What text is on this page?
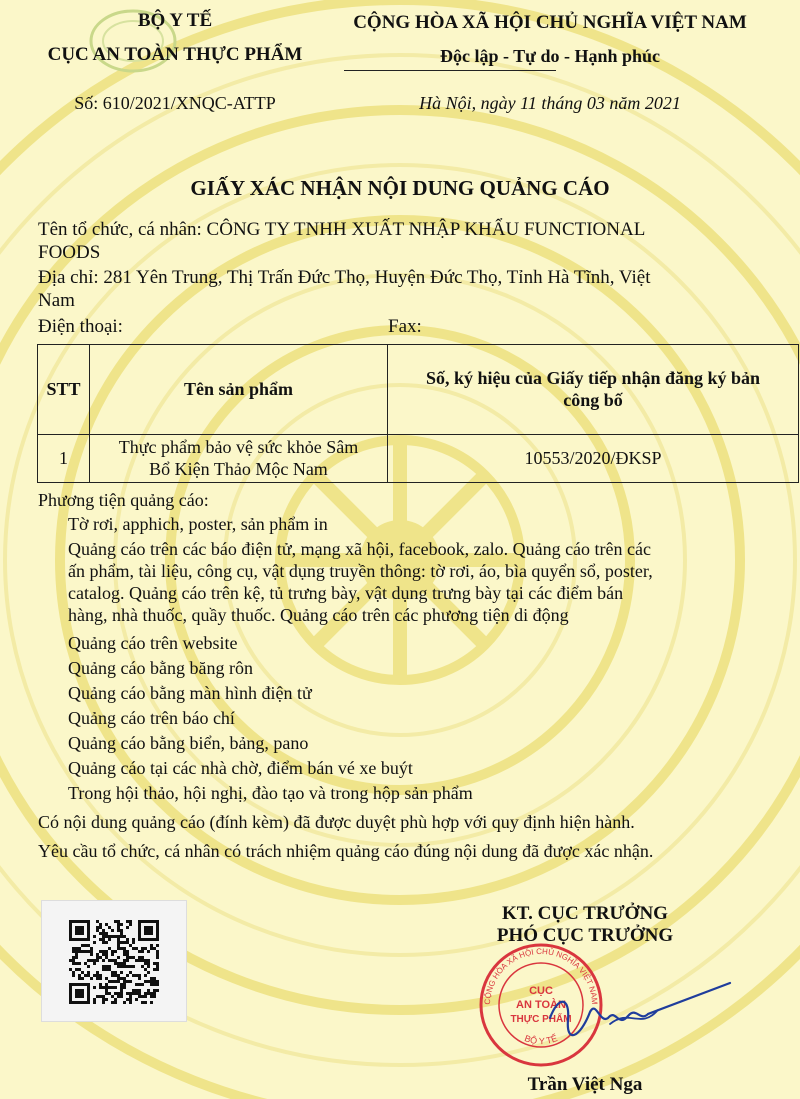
BỘ Y TẾ
CỤC AN TOÀN THỰC PHẨM
Số: 610/2021/XNQC-ATTP
CỘNG HÒA XÃ HỘI CHỦ NGHĨA VIỆT NAM
Độc lập - Tự do - Hạnh phúc
Hà Nội, ngày 11 tháng 03 năm 2021
GIẤY XÁC NHẬN NỘI DUNG QUẢNG CÁO
Tên tổ chức, cá nhân: CÔNG TY TNHH XUẤT NHẬP KHẨU FUNCTIONAL
FOODS
Địa chỉ: 281 Yên Trung, Thị Trấn Đức Thọ, Huyện Đức Thọ, Tỉnh Hà Tĩnh, Việt
Nam
Điện thoại:	Fax:
STT	Tên sản phẩm	Số, ký hiệu của Giấy tiếp nhận đăng ký bản
công bố
1	Thực phẩm bảo vệ sức khỏe Sâm
Bổ Kiện Thảo Mộc Nam	10553/2020/ĐKSP
Phương tiện quảng cáo:
Tờ rơi, apphich, poster, sản phẩm in
Quảng cáo trên các báo điện tử, mạng xã hội, facebook, zalo. Quảng cáo trên các
ấn phẩm, tài liệu, công cụ, vật dụng truyền thông: tờ rơi, áo, bìa quyển sổ, poster,
catalog. Quảng cáo trên kệ, tủ trưng bày, vật dụng trưng bày tại các điểm bán
hàng, nhà thuốc, quầy thuốc. Quảng cáo trên các phương tiện di động
Quảng cáo trên website
Quảng cáo bằng băng rôn
Quảng cáo bằng màn hình điện tử
Quảng cáo trên báo chí
Quảng cáo bằng biển, bảng, pano
Quảng cáo tại các nhà chờ, điểm bán vé xe buýt
Trong hội thảo, hội nghị, đào tạo và trong hộp sản phẩm
Có nội dung quảng cáo (đính kèm) đã được duyệt phù hợp với quy định hiện hành.
Yêu cầu tổ chức, cá nhân có trách nhiệm quảng cáo đúng nội dung đã được xác nhận.
KT. CỤC TRƯỞNG
PHÓ CỤC TRƯỞNG
CỘNG HÒA XÃ HỘI CHỦ NGHĨA VIỆT NAM
BỘ Y TẾ
CỤC
AN TOÀN
THỰC PHẨM
Trần Việt Nga
